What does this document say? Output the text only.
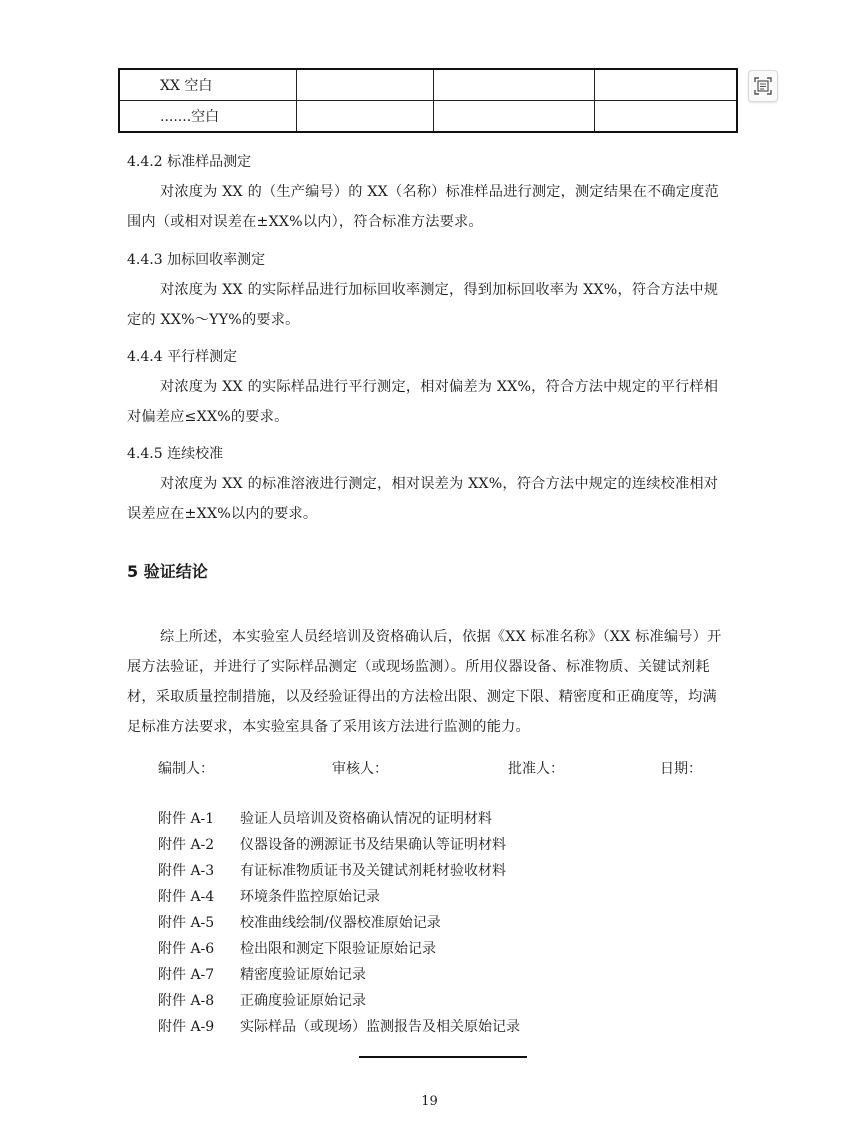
XX 空白			
.......空白			
4.4.2 标准样品测定
对浓度为 XX 的（生产编号）的 XX（名称）标准样品进行测定，测定结果在不确定度范围内（或相对误差在±XX%以内），符合标准方法要求。
4.4.3 加标回收率测定
对浓度为 XX 的实际样品进行加标回收率测定，得到加标回收率为 XX%，符合方法中规定的 XX%～YY%的要求。
4.4.4 平行样测定
对浓度为 XX 的实际样品进行平行测定，相对偏差为 XX%，符合方法中规定的平行样相对偏差应≤XX%的要求。
4.4.5 连续校准
对浓度为 XX 的标准溶液进行测定，相对误差为 XX%，符合方法中规定的连续校准相对误差应在±XX%以内的要求。
5 验证结论
综上所述，本实验室人员经培训及资格确认后，依据《XX 标准名称》（XX 标准编号）开展方法验证，并进行了实际样品测定（或现场监测）。所用仪器设备、标准物质、关键试剂耗材，采取质量控制措施，以及经验证得出的方法检出限、测定下限、精密度和正确度等，均满足标准方法要求，本实验室具备了采用该方法进行监测的能力。
编制人：	审核人：	批准人：	日期：
附件 A-1 验证人员培训及资格确认情况的证明材料
附件 A-2 仪器设备的溯源证书及结果确认等证明材料
附件 A-3 有证标准物质证书及关键试剂耗材验收材料
附件 A-4 环境条件监控原始记录
附件 A-5 校准曲线绘制/仪器校准原始记录
附件 A-6 检出限和测定下限验证原始记录
附件 A-7 精密度验证原始记录
附件 A-8 正确度验证原始记录
附件 A-9 实际样品（或现场）监测报告及相关原始记录
19
